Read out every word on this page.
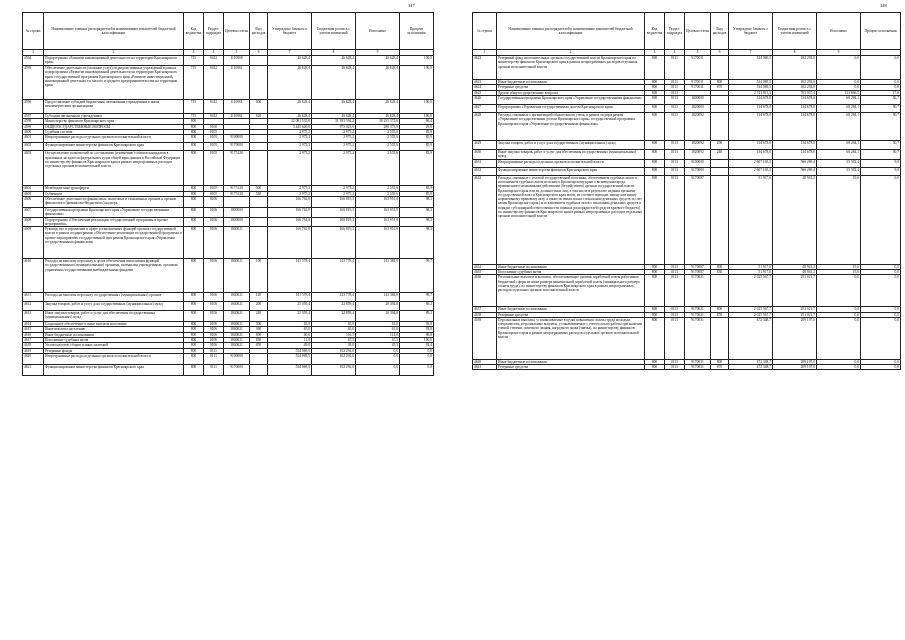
347
№ строки	Наименование главных распорядителей и наименование показателей бюджетной классификации	Код ведомства	Раздел-подраздел	Целевая статья	Вид расходов	Утверждено Законом о бюджете	Бюджетная роспись с учетом изменений	Исполнено	Процент исполнения
1	2	3	4	5	6	7	8	9	
4594	Подпрограмма «Развитие инновационной деятельности на территории Красноярского края»	715	0412	1110000		46 628,4	46 628,4	46 628,4	100,0
4595	Обеспечение деятельности (оказание услуг) подведомственных учреждений в рамках подпрограммы «Развитие инновационной деятельности на территории Красноярского края» государственной программы Красноярского края «Развитие инвестиционной, инновационной деятельности, малого и среднего предпринимательства на территории края»	715	0412	1110061		46 628,4	46 628,4	46 628,4	100,0
4596	Предоставление субсидий бюджетным, автономным учреждениям и иным некоммерческим организациям	715	0412	1110061	600	46 628,4	46 628,4	46 628,4	100,0
4597	Субсидии автономным учреждениям	715	0412	1110061	620	46 628,4	46 628,4	46 628,4	100,0
4598	Министерство финансов Красноярского края	800				32 081 535,8	31 393 594,2	30 255 372,6	96,4
4599	ОБЩЕГОСУДАРСТВЕННЫЕ ВОПРОСЫ	800	0100			3 445 620,8	975 023,9	290 373,9	29,8
4600	Судебная система	800	0105			2 975,2	2 975,2	2 555,6	85,9
4601	Непрограммные расходы отдельных органов исполнительной власти	800	0105	9100000		2 975,2	2 975,2	2 555,6	85,9
4602	Функционирование министерства финансов Красноярского края	800	0105	9170000		2 975,2	2 975,2	2 555,6	85,9
4603	Осуществление полномочий по составлению (изменению) списков кандидатов в присяжные заседатели федеральных судов общей юрисдикции в Российской Федерации по министерству финансов Красноярского края в рамках непрограммных расходов отдельных органов исполнительной власти	800	0105	9175120		2 975,2	2 975,2	2 555,6	85,9
4604	Межбюджетные трансферты	800	0105	9175120	500	2 975,2	2 975,2	2 555,6	85,9
4605	Субвенции	800	0105	9175120	530	2 975,2	2 975,2	2 555,6	85,9
4606	Обеспечение деятельности финансовых, налоговых и таможенных органов и органов финансового (финансово-бюджетного) надзора	800	0106			166 762,8	166 819,3	163 951,8	98,3
4607	Государственная программа Красноярского края «Управление государственными финансами»	800	0106	1800000		166 762,8	166 819,3	163 951,8	98,3
4608	Подпрограмма «Обеспечение реализации государственной программы и прочие мероприятия»	800	0106	1840000		166 762,8	166 819,3	163 951,8	98,3
4609	Руководство и управление в сфере установленных функций органов государственной власти в рамках подпрограммы «Обеспечение реализации государственной программы и прочие мероприятия» государственной программы Красноярского края «Управление государственными финансами»	800	0106	1840021		166 762,8	166 819,3	163 951,8	98,3
4610	Расходы на выплаты персоналу в целях обеспечения выполнения функций государственными (муниципальными) органами, казенными учреждениями, органами управления государственными внебюджетными фондами	800	0106	1840021	100	141 578,4	143 778,4	143 384,0	99,7
4611	Расходы на выплаты персоналу государственных (муниципальных) органов	800	0106	1840021	120	141 578,4	143 778,4	143 384,0	99,7
4612	Закупка товаров, работ и услуг для государственных (муниципальных) нужд	800	0106	1840021	200	25 059,4	22 859,4	20 394,0	89,2
4613	Иные закупки товаров, работ и услуг для обеспечения государственных (муниципальных) нужд	800	0106	1840021	240	25 059,4	22 859,4	20 394,0	89,2
4614	Социальное обеспечение и иные выплаты населению	800	0106	1840021	300	65,0	65,0	61,0	93,8
4615	Иные выплаты населению	800	0106	1840021	360	65,0	65,0	61,0	93,8
4616	Иные бюджетные ассигнования	800	0106	1840021	800	60,0	116,5	112,8	96,8
4617	Исполнение судебных актов	800	0106	1840021	830	11,0	67,5	67,5	100,0
4618	Уплата налогов, сборов и иных платежей	800	0106	1840021	850	49,0	49,0	45,3	92,4
4619	Резервные фонды	800	0111			534 069,5	102 292,0	0,0	0,0
4620	Непрограммные расходы отдельных органов исполнительной власти	800	0111	9100000		534 069,5	102 292,0	0,0	0,0
4621	Функционирование министерства финансов Красноярского края	800	0111	9170000		534 069,5	102 292,0	0,0	0,0
348
№ строки	Наименование главных распорядителей и наименование показателей бюджетной классификации	Код ведомства	Раздел-подраздел	Целевая статья	Вид расходов	Утверждено Законом о бюджете	Бюджетная роспись с учетом изменений	Исполнено	Процент исполнения
1	2	3	4	5	6	7	8	9	
4622	Резервный фонд исполнительных органов государственной власти Красноярского края по министерству финансов Красноярского края в рамках непрограммных расходов отдельных органов исполнительной власти	800	0111	9170011		534 069,5	102 292,0	0,0	0,0
4623	Иные бюджетные ассигнования	800	0111	9170011	800	534 069,5	102 292,0	0,0	0,0
4624	Резервные средства	800	0111	9170011	870	534 069,5	102 292,0	0,0	0,0
4625	Другие общегосударственные вопросы	800	0113			2 741 813,3	703 937,4	123 866,5	17,6
4626	Государственная программа Красноярского края «Управление государственными финансами»	800	0113	1800000		134 678,0	134 678,0	68 284,1	50,7
4627	Подпрограмма «Управление государственным долгом Красноярского края»	800	0113	1820000		134 678,0	134 678,0	68 284,1	50,7
4628	Расходы, связанные с организацией обязательного учета, в рамках подпрограммы «Управление государственным долгом Красноярского края» государственной программы Красноярского края «Управление государственными финансами»	800	0113	1820092		134 678,0	134 678,0	68 284,1	50,7
4629	Закупка товаров, работ и услуг для государственных (муниципальных) нужд	800	0113	1820092	200	134 678,0	134 678,0	68 284,1	50,7
4630	Иные закупки товаров, работ и услуг для обеспечения государственных (муниципальных) нужд	800	0113	1820092	240	134 678,0	134 678,0	68 284,1	50,7
4631	Непрограммные расходы отдельных органов исполнительной власти	800	0113	9100000		2 607 163,5	566 269,4	55 582,4	9,8
4632	Функционирование министерства финансов Красноярского края	800	0113	9170000		2 607 163,5	566 269,4	55 582,4	9,8
4633	Расходы, связанные с уплатой государственной пошлины, обеспечением судебных актов и исполнением судебных актов по искам к Красноярскому краю о возмещении вреда, причиненного незаконными действиями (бездействием) органов государственной власти Красноярского края или их должностных лиц, в том числе в результате издания органами государственной власти Красноярского края актов, не соответствующих закону или иному нормативному правовому акту, а также по иным искам о взыскании денежных средств за счет казны Красноярского края (за исключением судебных актов о взыскании денежных средств в порядке субсидиарной ответственности главных распорядителей средств краевого бюджета) по министерству финансов Красноярского края в рамках непрограммных расходов отдельных органов исполнительной власти	800	0113	9170087		51 917,6	48 941,2	19,6	0,0
4634	Иные бюджетные ассигнования	800	0113	9170087	800	51 917,6	48 941,2	19,6	0,0
4635	Исполнение судебных актов	800	0113	9170087	830	51 917,6	48 941,2	19,6	0,0
4636	Региональные выплаты и выплаты, обеспечивающие уровень заработной платы работников бюджетной сферы не ниже размера минимальной заработной платы (минимального размера оплаты труда), по министерству финансов Красноярского края в рамках непрограммных расходов отдельных органов исполнительной власти	800	0113	9170021		2 025 567,7	251 021,7	0,0	0,0
4637	Иные бюджетные ассигнования	800	0113	9170021	800	2 025 567,7	251 021,7	0,0	0,0
4638	Резервные средства	800	0113	9170021	870	2 025 567,7	251 021,7	0,0	0,0
4639	Персональные выплаты, устанавливаемые в целях повышения оплаты труда молодым специалистам, персональные выплаты, устанавливаемые с учетом опыта работы при наличии ученой степени, почетного звания, нагрудного знака (значка), по министерству финансов Красноярского края в рамках непрограммных расходов отдельных органов исполнительной власти	800	0113	9170031		472 348,7	209 197,0	0,0	0,0
4640	Иные бюджетные ассигнования	800	0113	9170031	800	472 348,7	209 197,0	0,0	0,0
4641	Резервные средства	800	0113	9170031	870	472 348,7	209 197,0	0,0	0,0
